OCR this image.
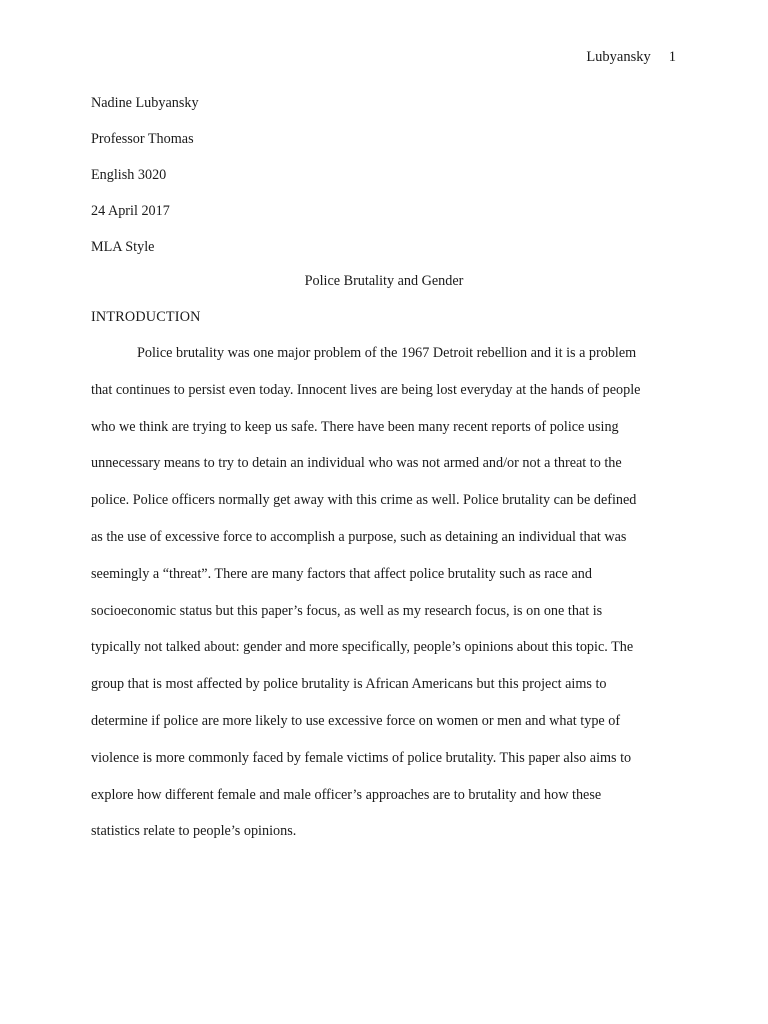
Lubyansky 1
Nadine Lubyansky
Professor Thomas
English 3020
24 April 2017
MLA Style
Police Brutality and Gender
INTRODUCTION
Police brutality was one major problem of the 1967 Detroit rebellion and it is a problem
that continues to persist even today. Innocent lives are being lost everyday at the hands of people
who we think are trying to keep us safe. There have been many recent reports of police using
unnecessary means to try to detain an individual who was not armed and/or not a threat to the
police. Police officers normally get away with this crime as well. Police brutality can be defined
as the use of excessive force to accomplish a purpose, such as detaining an individual that was
seemingly a “threat”. There are many factors that affect police brutality such as race and
socioeconomic status but this paper’s focus, as well as my research focus, is on one that is
typically not talked about: gender and more specifically, people’s opinions about this topic. The
group that is most affected by police brutality is African Americans but this project aims to
determine if police are more likely to use excessive force on women or men and what type of
violence is more commonly faced by female victims of police brutality. This paper also aims to
explore how different female and male officer’s approaches are to brutality and how these
statistics relate to people’s opinions.
